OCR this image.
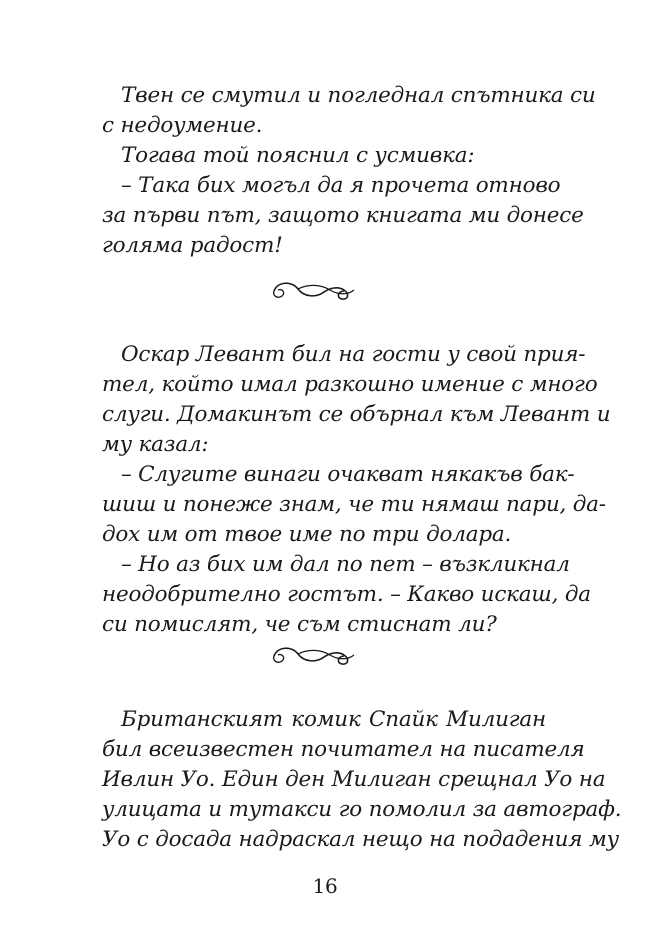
Твен се смутил и погледнал спътника си
с недоумение.
Тогава той пояснил с усмивка:
– Така бих могъл да я прочета отново
за първи път, защото книгата ми донесе
голяма радост!
Оскар Левант бил на гости у свой прия-
тел, който имал разкошно имение с много
слуги. Домакинът се обърнал към Левант и
му казал:
– Слугите винаги очакват някакъв бак-
шиш и понеже знам, че ти нямаш пари, да-
дох им от твое име по три долара.
– Но аз бих им дал по пет – възкликнал
неодобрително гостът. – Какво искаш, да
си помислят, че съм стиснат ли?
Британският комик Спайк Милиган
бил всеизвестен почитател на писателя
Ивлин Уо. Един ден Милиган срещнал Уо на
улицата и тутакси го помолил за автограф.
Уо с досада надраскал нещо на подадения му
16
